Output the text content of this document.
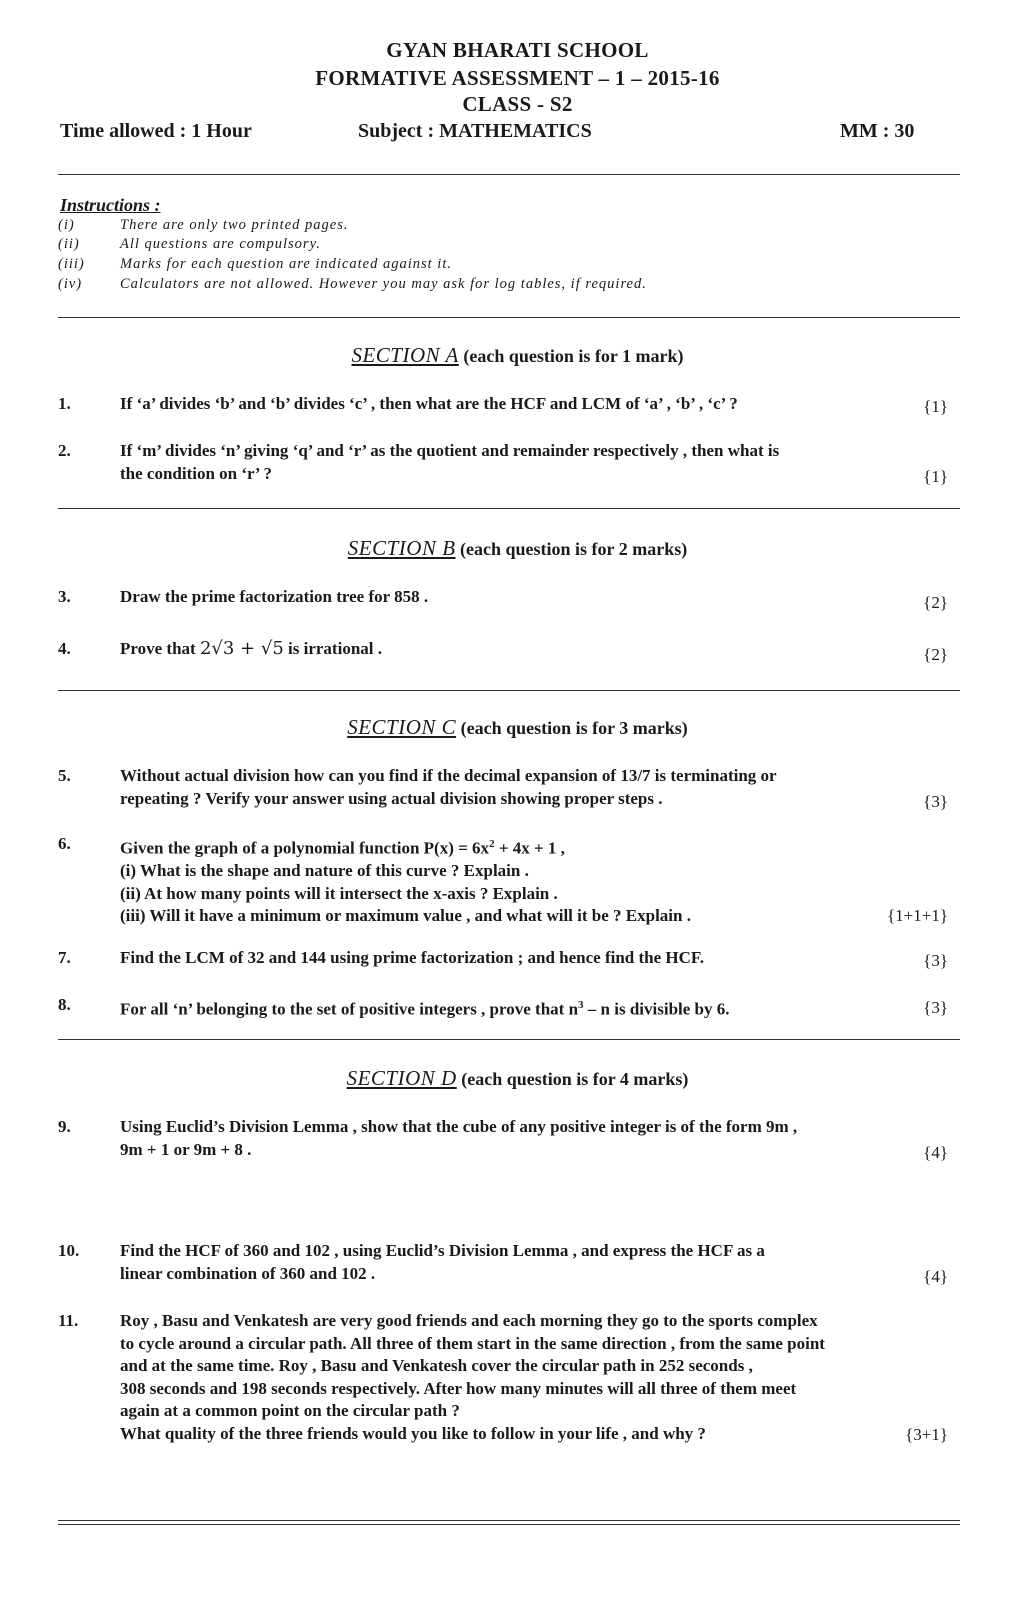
GYAN BHARATI SCHOOL
FORMATIVE ASSESSMENT – 1 – 2015-16
CLASS - S2
Time allowed : 1 Hour	Subject : MATHEMATICS	MM : 30
Instructions :
(i)	There are only two printed pages.
(ii)	All questions are compulsory.
(iii)	Marks for each question are indicated against it.
(iv)	Calculators are not allowed. However you may ask for log tables, if required.
SECTION A (each question is for 1 mark)
1.	If ‘a’ divides ‘b’ and ‘b’ divides ‘c’ , then what are the HCF and LCM of ‘a’ , ‘b’ , ‘c’ ?	{1}
2.	If ‘m’ divides ‘n’ giving ‘q’ and ‘r’ as the quotient and remainder respectively , then what is
the condition on ‘r’ ?	{1}
SECTION B (each question is for 2 marks)
3.	Draw the prime factorization tree for 858 .	{2}
4.	Prove that 2√3 + √5 is irrational .	{2}
SECTION C (each question is for 3 marks)
5.	Without actual division how can you find if the decimal expansion of 13/7 is terminating or
repeating ? Verify your answer using actual division showing proper steps .	{3}
6.	Given the graph of a polynomial function $P(x) = 6x^2 + 4x + 1$ ,
(i) What is the shape and nature of this curve ? Explain .
(ii) At how many points will it intersect the x-axis ? Explain .
(iii) Will it have a minimum or maximum value , and what will it be ? Explain .	{1+1+1}
7.	Find the LCM of 32 and 144 using prime factorization ; and hence find the HCF.	{3}
8.	For all ‘n’ belonging to the set of positive integers , prove that $n^3$ – n is divisible by 6.	{3}
SECTION D (each question is for 4 marks)
9.	Using Euclid’s Division Lemma , show that the cube of any positive integer is of the form 9m ,
9m + 1 or 9m + 8 .	{4}
10.	Find the HCF of 360 and 102 , using Euclid’s Division Lemma , and express the HCF as a
linear combination of 360 and 102 .	{4}
11.	Roy , Basu and Venkatesh are very good friends and each morning they go to the sports complex
to cycle around a circular path. All three of them start in the same direction , from the same point
and at the same time. Roy , Basu and Venkatesh cover the circular path in 252 seconds ,
308 seconds and 198 seconds respectively. After how many minutes will all three of them meet
again at a common point on the circular path ?
What quality of the three friends would you like to follow in your life , and why ?	{3+1}
